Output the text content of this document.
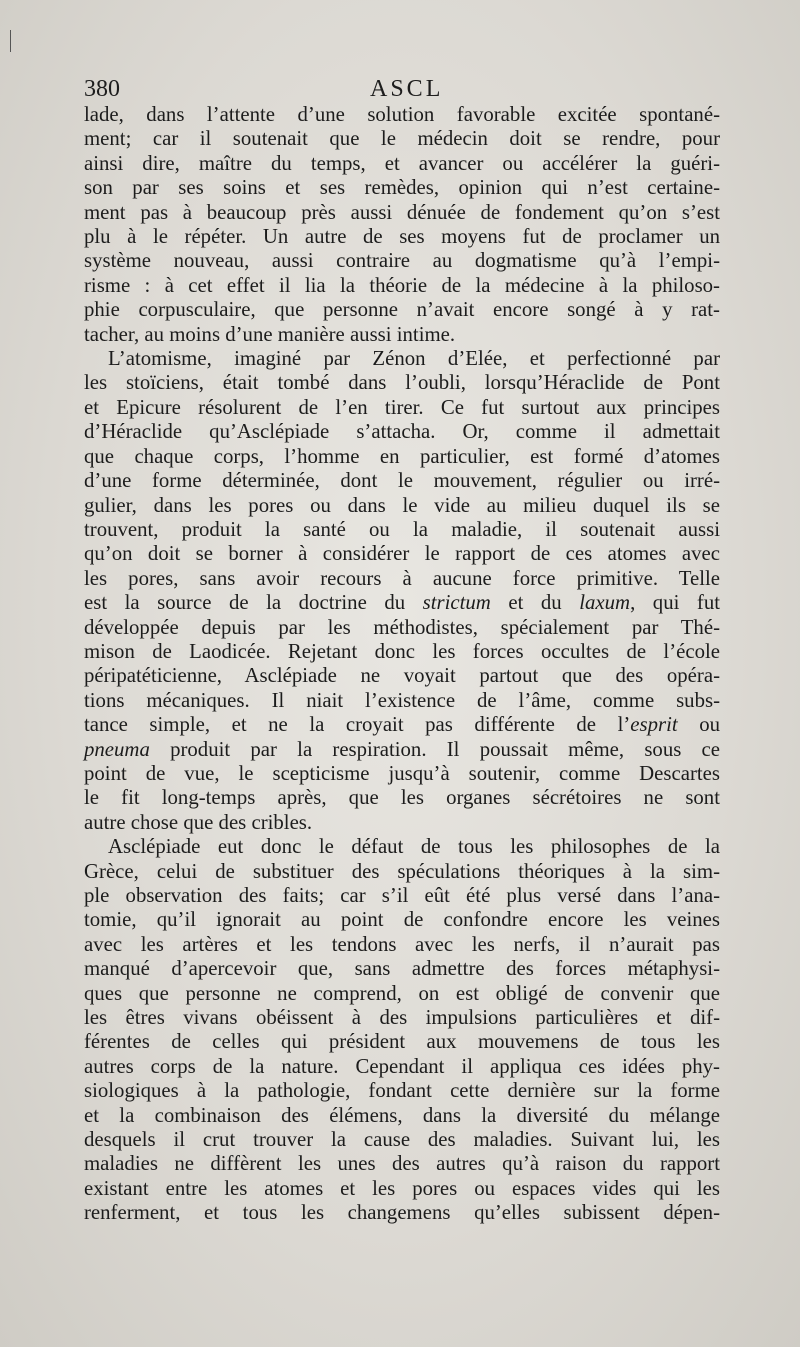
380	ASCL
lade, dans l’attente d’une solution favorable excitée spontané-
ment; car il soutenait que le médecin doit se rendre, pour
ainsi dire, maître du temps, et avancer ou accélérer la guéri-
son par ses soins et ses remèdes, opinion qui n’est certaine-
ment pas à beaucoup près aussi dénuée de fondement qu’on s’est
plu à le répéter. Un autre de ses moyens fut de proclamer un
système nouveau, aussi contraire au dogmatisme qu’à l’empi-
risme : à cet effet il lia la théorie de la médecine à la philoso-
phie corpusculaire, que personne n’avait encore songé à y rat-
tacher, au moins d’une manière aussi intime.
L’atomisme, imaginé par Zénon d’Elée, et perfectionné par
les stoïciens, était tombé dans l’oubli, lorsqu’Héraclide de Pont
et Epicure résolurent de l’en tirer. Ce fut surtout aux principes
d’Héraclide qu’Asclépiade s’attacha. Or, comme il admettait
que chaque corps, l’homme en particulier, est formé d’atomes
d’une forme déterminée, dont le mouvement, régulier ou irré-
gulier, dans les pores ou dans le vide au milieu duquel ils se
trouvent, produit la santé ou la maladie, il soutenait aussi
qu’on doit se borner à considérer le rapport de ces atomes avec
les pores, sans avoir recours à aucune force primitive. Telle
est la source de la doctrine du strictum et du laxum, qui fut
développée depuis par les méthodistes, spécialement par Thé-
mison de Laodicée. Rejetant donc les forces occultes de l’école
péripatéticienne, Asclépiade ne voyait partout que des opéra-
tions mécaniques. Il niait l’existence de l’âme, comme subs-
tance simple, et ne la croyait pas différente de l’esprit ou
pneuma produit par la respiration. Il poussait même, sous ce
point de vue, le scepticisme jusqu’à soutenir, comme Descartes
le fit long-temps après, que les organes sécrétoires ne sont
autre chose que des cribles.
Asclépiade eut donc le défaut de tous les philosophes de la
Grèce, celui de substituer des spéculations théoriques à la sim-
ple observation des faits; car s’il eût été plus versé dans l’ana-
tomie, qu’il ignorait au point de confondre encore les veines
avec les artères et les tendons avec les nerfs, il n’aurait pas
manqué d’apercevoir que, sans admettre des forces métaphysi-
ques que personne ne comprend, on est obligé de convenir que
les êtres vivans obéissent à des impulsions particulières et dif-
férentes de celles qui président aux mouvemens de tous les
autres corps de la nature. Cependant il appliqua ces idées phy-
siologiques à la pathologie, fondant cette dernière sur la forme
et la combinaison des élémens, dans la diversité du mélange
desquels il crut trouver la cause des maladies. Suivant lui, les
maladies ne diffèrent les unes des autres qu’à raison du rapport
existant entre les atomes et les pores ou espaces vides qui les
renferment, et tous les changemens qu’elles subissent dépen-
